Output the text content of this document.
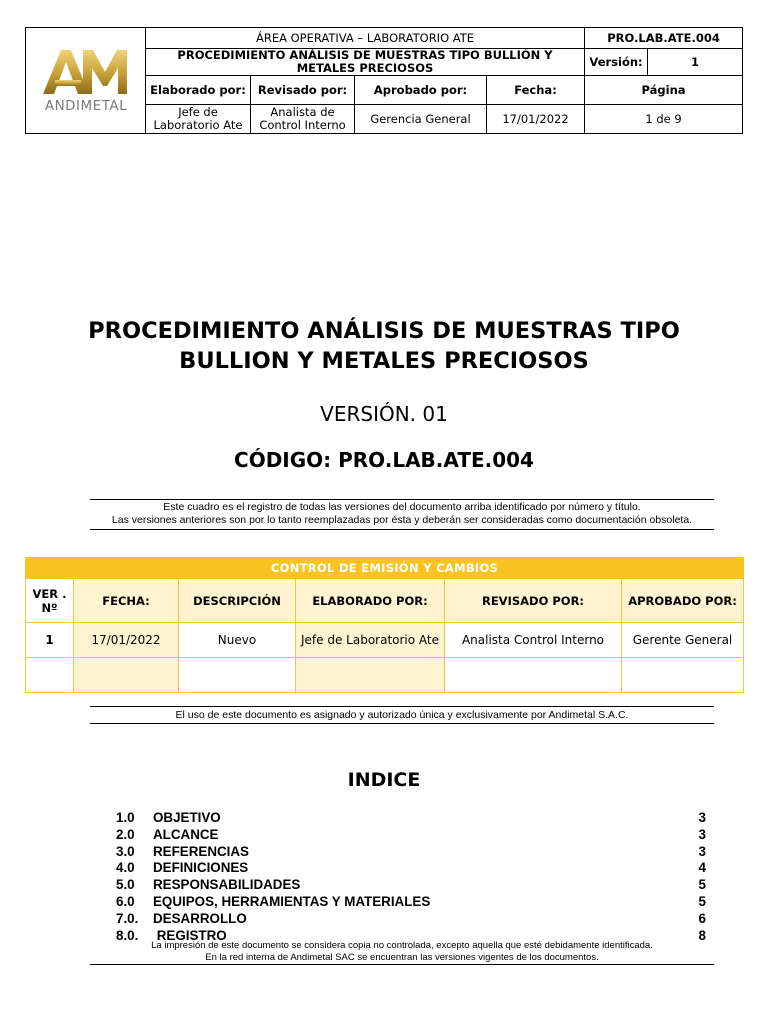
ANDIMETAL	ÁREA OPERATIVA – LABORATORIO ATE				PRO.LAB.ATE.004	
	PROCEDIMIENTO ANÁLISIS DE MUESTRAS TIPO BULLIÓN Y METALES PRECIOSOS				Versión:	1
	Elaborado por:	Revisado por:	Aprobado por:	Fecha:	Página	
	Jefe de Laboratorio Ate	Analista de Control Interno	Gerencia General	17/01/2022	1 de 9	
PROCEDIMIENTO ANÁLISIS DE MUESTRAS TIPO BULLION Y METALES PRECIOSOS
VERSIÓN. 01
CÓDIGO: PRO.LAB.ATE.004
Este cuadro es el registro de todas las versiones del documento arriba identificado por número y título.
Las versiones anteriores son por lo tanto reemplazadas por ésta y deberán ser consideradas como documentación obsoleta.
CONTROL DE EMISIÓN Y CAMBIOS					
VER . Nº	FECHA:	DESCRIPCIÓN	ELABORADO POR:	REVISADO POR:	APROBADO POR:
1	17/01/2022	Nuevo	Jefe de Laboratorio Ate	Analista Control Interno	Gerente General

El uso de este documento es asignado y autorizado única y exclusivamente por Andimetal S.A.C.
INDICE
1.0	OBJETIVO	3
2.0	ALCANCE	3
3.0	REFERENCIAS	3
4.0	DEFINICIONES	4
5.0	RESPONSABILIDADES	5
6.0	EQUIPOS, HERRAMIENTAS Y MATERIALES	5
7.0.	DESARROLLO	6
8.0.	REGISTRO	8
La impresión de este documento se considera copia no controlada, excepto aquella que esté debidamente identificada.
En la red interna de Andimetal SAC se encuentran las versiones vigentes de los documentos.
